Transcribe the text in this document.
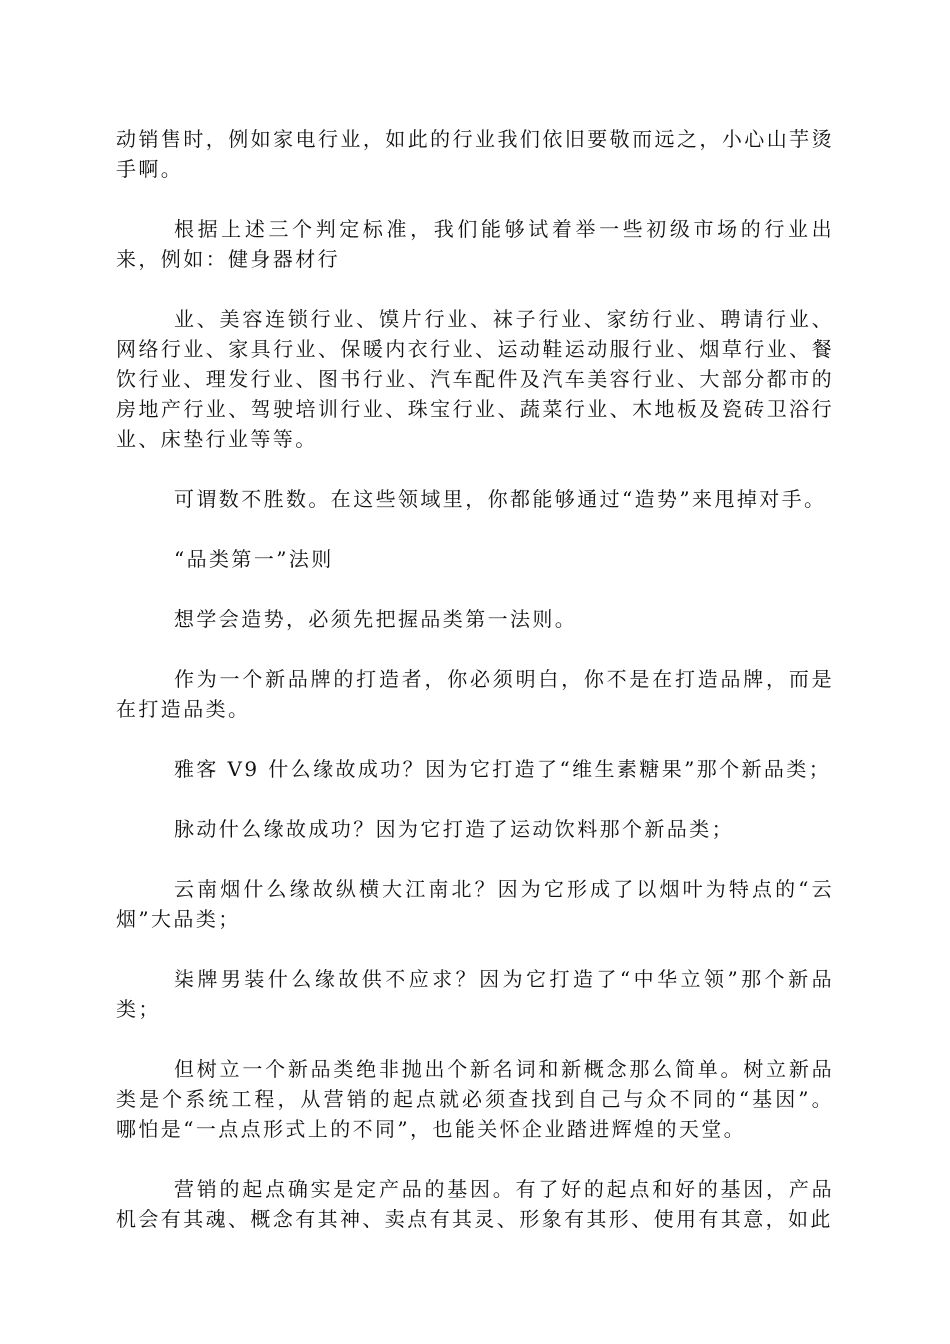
动销售时，例如家电行业，如此的行业我们依旧要敬而远之，小心山芋烫手啊。

根据上述三个判定标准，我们能够试着举一些初级市场的行业出来，例如：健身器材行

业、美容连锁行业、馍片行业、袜子行业、家纺行业、聘请行业、网络行业、家具行业、保暖内衣行业、运动鞋运动服行业、烟草行业、餐饮行业、理发行业、图书行业、汽车配件及汽车美容行业、大部分都市的房地产行业、驾驶培训行业、珠宝行业、蔬菜行业、木地板及瓷砖卫浴行业、床垫行业等等。

可谓数不胜数。在这些领域里，你都能够通过“造势”来甩掉对手。

“品类第一”法则

想学会造势，必须先把握品类第一法则。

作为一个新品牌的打造者，你必须明白，你不是在打造品牌，而是在打造品类。

雅客 V9 什么缘故成功？因为它打造了“维生素糖果”那个新品类；

脉动什么缘故成功？因为它打造了运动饮料那个新品类；

云南烟什么缘故纵横大江南北？因为它形成了以烟叶为特点的“云烟”大品类；

柒牌男装什么缘故供不应求？因为它打造了“中华立领”那个新品类；

但树立一个新品类绝非抛出个新名词和新概念那么简单。树立新品类是个系统工程，从营销的起点就必须查找到自己与众不同的“基因”。哪怕是“一点点形式上的不同”，也能关怀企业踏进辉煌的天堂。

营销的起点确实是定产品的基因。有了好的起点和好的基因，产品机会有其魂、概念有其神、卖点有其灵、形象有其形、使用有其意，如此
